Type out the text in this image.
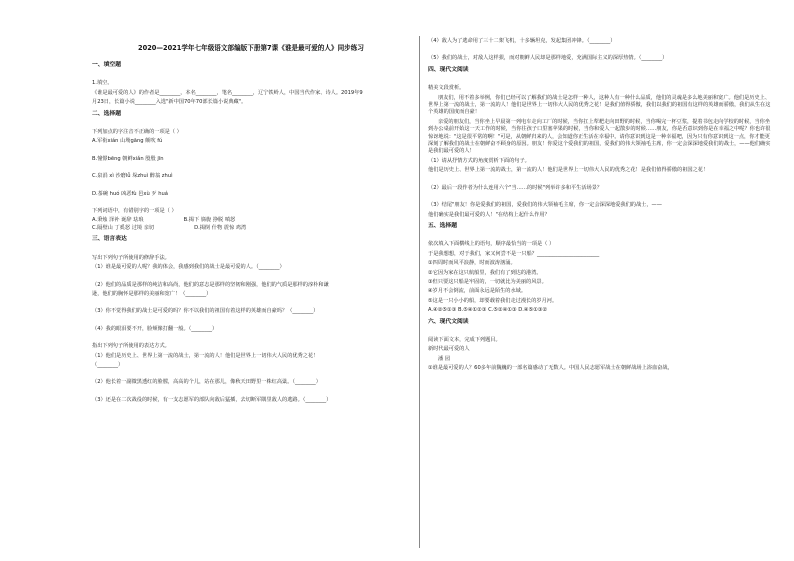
2020—2021学年七年级语文部编版下册第7课《谁是最可爱的人》同步练习
一、填空题
1.填空。
《谁是最可爱的人》的作者是________，本名________，笔名________，辽宁铁岭人，中国当代作家、诗人。2019年9
月23日，长篇小说________入选"新中国70年70部长篇小说典藏"。
二、选择题
下列加点的字注音不正确的一项是（ ）
A.军衔xián 山坳gāng 颇吹 fú
B.憧憬bēng 朝鲜xiǎn 殷殷 jīn
C.泉涓 xì 沙磨lǚ 垛zhuì 醉翁 zhuì
D.茶碗 huó 凶恶fù 邑xù 歹 huá
下列词语中，有错别字的一项是（ ）
A.秉烛 泽补 诞辞 珐琅	B.揭下 旖旎 挣脱 嗔怒
C.隔壁山 丁奚怒 过境 亲切	D.揭倒 什物 震惊 鸡湾
三、语言表达
写出下列句子所使用的修辞手法。
（1）谁是最可爱的人呢？我的体会，我感到我们的战士是最可爱的人。（________）
（2）他们的品质是那样的纯洁和高尚，他们的意志是那样的坚韧和刚强，他们的气质是那样的淳朴和谦
逊，他们的胸怀是那样的美丽和宽广！（________）
（3）你不觉得我们的战士是可爱的吗？你不以我们的祖国有着这样的英雄而自豪吗？（________）
（4）我的眼泪要不开，脸颊像打翻一般。（________）
指出下列句子所使用的表达方式。
（1）他们是历史上、世界上第一流的战士，第一流的人！他们是世界上一切伟大人民的优秀之花！
（________）
（2）他长着一副微黑透红的脸膛，高高的个儿，站在那儿，像秋天田野里一株红高粱。（________）
（3）还是在二次战役的时候，有一支志愿军的部队向敌后猛插，去切断军隅里敌人的逃路。（________）
（4）敌人为了逃命用了三十二架飞机，十多辆坦克，发起集团冲锋。（________）
（5）我们的战士，对敌人这样狠，而对朝鲜人民却是那样地爱，充满国际主义的深厚热情。（________）
四、现代文阅读
精美文段赏析。
朋友们，用不着多举例，你们已经可以了解我们的战士是怎样一种人，这种人有一种什么品质，他们的灵魂是多么地美丽和宽广。他们是历史上、世界上第一流的战士，第一流的人！他们是世界上一切伟大人民的优秀之花！是我们值得骄傲，我们以我们的祖国有这样的英雄而骄傲，我们从生在这个英雄的国度而自豪！
亲爱的朋友们，当你坐上早晨第一列电车走向工厂的时候，当你扛上犁耙走向田野的时候，当你喝完一杯豆浆，提着书包走向学校的时候，当你坐到办公桌前开始这一天工作的时候，当你往孩子口里塞苹果的时候，当你和爱人一起散步的时候……朋友，你是否意识到你是在幸福之中呢？你也许很惊讶地说："这是很平常的啊！"可是，从朝鲜归来的人，会知道你正生活在幸福中。请你意识到这是一种幸福吧，因为只有你意识到这一点，你才能更深刻了解我们的战士在朝鲜奋不顾身的原因。朋友！你爱这个爱我们的祖国，爱我们的伟大领袖毛主席，你一定会深深地爱我们的战士，——他们确实是我们最可爱的人！
（1）请从抒情方式的角度赏析下面的句子。
他们是历史上、世界上第一流的战士，第一流的人！他们是世界上一切伟大人民的优秀之花！是我们值得骄傲的祖国之花！
（2）最后一段作者为什么连用六个"当……的时候"列举许多和平生活场景？
（3）结尾"朋友！你是爱我们的祖国，爱我们的伟大领袖毛主席，你一定会深深地爱我们的战士，——
他们确实是我们最可爱的人！"在结构上起什么作用？
五、选择题
依次填入下面横线上的语句，顺序最恰当的一项是（ ）
于是我想想，对于我们，家又何尝不是一只船？________________________
①四周时而风平浪静，时而波涛汹涌。
②它因为家在这只航船里，我们有了到达的港湾。
③但只要这只船是牢固的，一切就比为美丽的风景。
④岁月不会倒流，前面永远是陌生的水域。
⑤这是一只小小的船，却要载着我们走过漫长的岁月河。
A.④②⑤①③ B.⑤④①②③ C.⑤②④①③ D.④⑤①③②
六、现代文阅读
阅读下面文本，完成下列题目。
新时代最可爱的人
潘 园
①谁是最可爱的人？60多年前魏巍的一部名篇感动了无数人。中国人民志愿军战士在朝鲜战场上浴血奋战，
